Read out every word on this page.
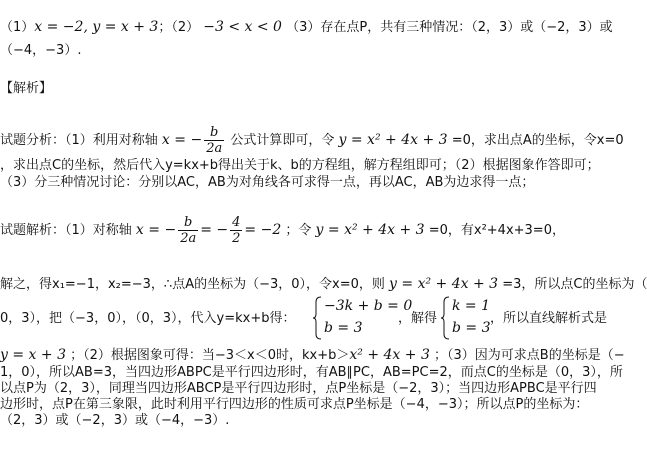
（1）x = −2, y = x + 3；（2） −3 < x < 0 （3）存在点P，共有三种情况：（2，3）或（−2，3）或
（−4，−3）.
【解析】
试题分析：（1）利用对称轴 x = − $\frac{b}{2a}$ 公式计算即可，令 y = x² + 4x + 3 =0，求出点A的坐标，令x=0
，求出点C的坐标，然后代入y=kx+b得出关于k、b的方程组，解方程组即可；（2）根据图象作答即可；
（3）分三种情况讨论：分别以AC，AB为对角线各可求得一点，再以AC，AB为边求得一点；
试题解析：（1）对称轴 x = − $\frac{b}{2a}$ = − $\frac{4}{2} = -2$ ；令 y = x² + 4x + 3 =0，有x²+4x+3=0，
解之，得x₁=−1，x₂=−3，∴点A的坐标为（−3，0），令x=0，则 y = x² + 4x + 3 =3，所以点C的坐标为（
0，3），把（−3，0），（0，3），代入y=kx+b得：
−3k + b = 0
b = 3
，解得
k = 1
b = 3
，所以直线解析式是
y = x + 3 ；（2）根据图象可得：当−3＜x＜0时，kx+b＞x² + 4x + 3 ；（3）因为可求点B的坐标是（−
1，0），所以AB=3，当四边形ABPC是平行四边形时，有AB∥PC，AB=PC=2，而点C的坐标是（0，3），所
以点P为（2，3），同理当四边形ABCP是平行四边形时，点P坐标是（−2，3）；当四边形APBC是平行四
边形时，点P在第三象限，此时利用平行四边形的性质可求点P坐标是（−4，−3）；所以点P的坐标为：
（2，3）或（−2，3）或（−4，−3）.
